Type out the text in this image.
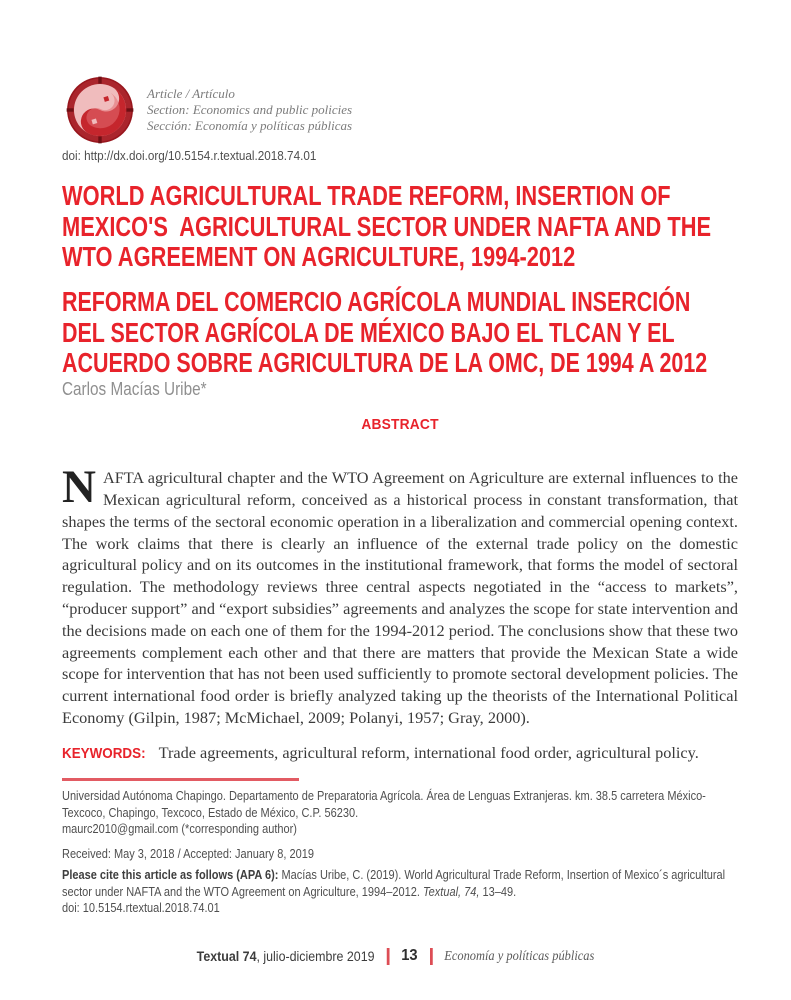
Article / Artículo
Section: Economics and public policies
Sección: Economía y políticas públicas
doi: http://dx.doi.org/10.5154.r.textual.2018.74.01
WORLD AGRICULTURAL TRADE REFORM, INSERTION OF
MEXICO'S  AGRICULTURAL SECTOR UNDER NAFTA AND THE
WTO AGREEMENT ON AGRICULTURE, 1994-2012
REFORMA DEL COMERCIO AGRÍCOLA MUNDIAL INSERCIÓN
DEL SECTOR AGRÍCOLA DE MÉXICO BAJO EL TLCAN Y EL
ACUERDO SOBRE AGRICULTURA DE LA OMC, DE 1994 A 2012
Carlos Macías Uribe*
ABSTRACT

NAFTA agricultural chapter and the WTO Agreement on Agriculture are external influences to the Mexican agricultural reform, conceived as a historical process in constant transformation, that shapes the terms of the sectoral economic operation in a liberalization and commercial opening context. The work claims that there is clearly an influence of the external trade policy on the domestic agricultural policy and on its outcomes in the institutional framework, that forms the model of sectoral regulation. The methodology reviews three central aspects negotiated in the “access to markets”, “producer support” and “export subsidies” agreements and analyzes the scope for state intervention and the decisions made on each one of them for the 1994-2012 period. The conclusions show that these two agreements complement each other and that there are matters that provide the Mexican State a wide scope for intervention that has not been used sufficiently to promote sectoral development policies. The current international food order is briefly analyzed taking up the theorists of the International Political Economy (Gilpin, 1987; McMichael, 2009; Polanyi, 1957; Gray, 2000).

KEYWORDS: Trade agreements, agricultural reform, international food order, agricultural policy.
Universidad Autónoma Chapingo. Departamento de Preparatoria Agrícola. Área de Lenguas Extranjeras. km. 38.5 carretera México-Texcoco, Chapingo, Texcoco, Estado de México, C.P. 56230.
maurc2010@gmail.com (*corresponding author)
Received: May 3, 2018 / Accepted: January 8, 2019
Please cite this article as follows (APA 6): Macías Uribe, C. (2019). World Agricultural Trade Reform, Insertion of Mexico´s agricultural sector under NAFTA and the WTO Agreement on Agriculture, 1994–2012. Textual, 74, 13–49.
doi: 10.5154.rtextual.2018.74.01
Textual 74, julio-diciembre 2019 13 Economía y políticas públicas
